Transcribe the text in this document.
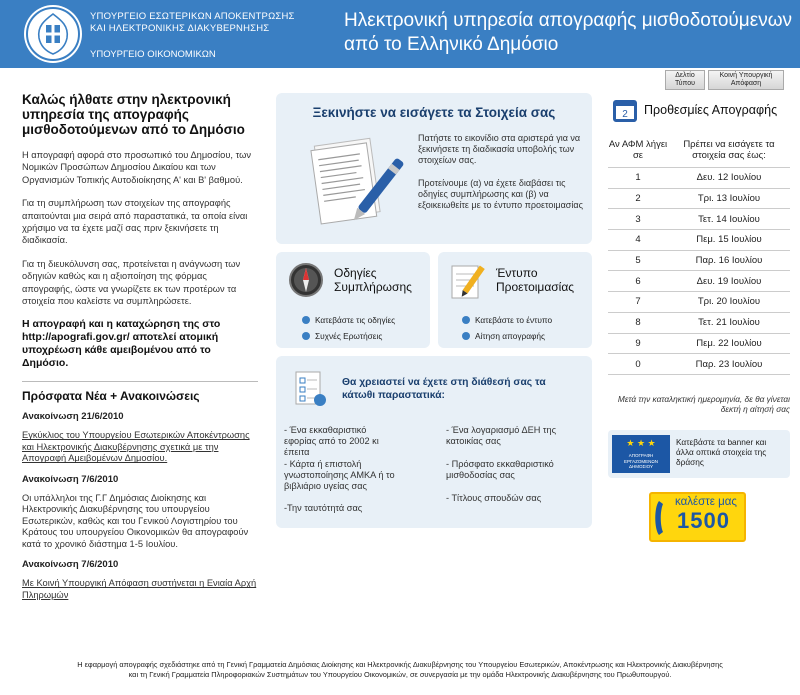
ΥΠΟΥΡΓΕΙΟ ΕΣΩΤΕΡΙΚΩΝ ΑΠΟΚΕΝΤΡΩΣΗΣ
ΚΑΙ ΗΛΕΚΤΡΟΝΙΚΗΣ ΔΙΑΚΥΒΕΡΝΗΣΗΣ
ΥΠΟΥΡΓΕΙΟ ΟΙΚΟΝΟΜΙΚΩΝ
Ηλεκτρονική υπηρεσία απογραφής μισθοδοτούμενων
από το Ελληνικό Δημόσιο
Δελτίο
Τύπου
Κοινή Υπουργική
Απόφαση
Καλώς ήλθατε στην ηλεκτρονική υπηρεσία της απογραφής μισθοδοτούμενων από το Δημόσιο

Η απογραφή αφορά στο προσωπικό του Δημοσίου, των Νομικών Προσώπων Δημοσίου Δικαίου και των Οργανισμών Τοπικής Αυτοδιοίκησης Α' και Β' βαθμού.

Για τη συμπλήρωση των στοιχείων της απογραφής απαιτούνται μια σειρά από παραστατικά, τα οποία είναι χρήσιμο να τα έχετε μαζί σας πριν ξεκινήσετε τη διαδικασία.

Για τη διευκόλυνση σας, προτείνεται η ανάγνωση των οδηγιών καθώς και η αξιοποίηση της φόρμας απογραφής, ώστε να γνωρίζετε εκ των προτέρων τα στοιχεία που καλείστε να συμπληρώσετε.

Η απογραφή και η καταχώρηση της στο http://apografi.gov.gr/ αποτελεί ατομική υποχρέωση κάθε αμειβομένου από το Δημόσιο.

Πρόσφατα Νέα + Ανακοινώσεις
Ανακοίνωση 21/6/2010
Εγκύκλιος του Υπουργείου Εσωτερικών Αποκέντρωσης και Ηλεκτρονικής Διακυβέρνησης σχετικά με την Απογραφή Αμειβομένων Δημοσίου.
Ανακοίνωση 7/6/2010
Οι υπάλληλοι της Γ.Γ Δημόσιας Διοίκησης και Ηλεκτρονικής Διακυβέρνησης του υπουργείου Εσωτερικών, καθώς και του Γενικού Λογιστηρίου του Κράτους του υπουργείου Οικονομικών θα απογραφούν κατά το χρονικό διάστημα 1-5 Ιουλίου.
Ανακοίνωση 7/6/2010
Με Κοινή Υπουργική Απόφαση συστήνεται η Ενιαία Αρχή Πληρωμών
Ξεκινήστε να εισάγετε τα Στοιχεία σας
Πατήστε το εικονίδιο στα αριστερά για να ξεκινήσετε τη διαδικασία υποβολής των στοιχείων σας.
Προτείνουμε (α) να έχετε διαβάσει τις οδηγίες συμπλήρωσης και (β) να εξοικειωθείτε με το έντυπο προετοιμασίας
Οδηγίες
Συμπλήρωσης
Κατεβάστε τις οδηγίες
Συχνές Ερωτήσεις
Έντυπο
Προετοιμασίας
Κατεβάστε το έντυπο
Αίτηση απογραφής
Θα χρειαστεί να έχετε στη διάθεσή σας τα κάτωθι παραστατικά:
- Ένα εκκαθαριστικό εφορίας από το 2002 κι έπειτα
- Κάρτα ή επιστολή γνωστοποίησης ΑΜΚΑ ή το βιβλιάριο υγείας σας
-Την ταυτότητά σας
- Ένα λογαριασμό ΔΕΗ της κατοικίας σας
- Πρόσφατο εκκαθαριστικό μισθοδοσίας σας
- Τίτλους σπουδών σας
2 Προθεσμίες Απογραφής
Αν ΑΦΜ λήγει σε	Πρέπει να εισάγετε τα στοιχεία σας έως:
1	Δευ. 12 Ιουλίου
2	Τρι. 13 Ιουλίου
3	Τετ. 14 Ιουλίου
4	Πεμ. 15 Ιουλίου
5	Παρ. 16 Ιουλίου
6	Δευ. 19 Ιουλίου
7	Τρι. 20 Ιουλίου
8	Τετ. 21 Ιουλίου
9	Πεμ. 22 Ιουλίου
0	Παρ. 23 Ιουλίου
Μετά την καταληκτική ημερομηνία, δε θα γίνεται δεκτή η αίτησή σας
★ ★ ★
ΑΠΟΓΡΑΦΗ
ΕΡΓΑΖΟΜΕΝΩΝ
ΔΗΜΟΣΙΟΥ
Κατεβάστε τα banner και άλλα οπτικά στοιχεία της δράσης
καλέστε μας
1500
Η εφαρμογή απογραφής σχεδιάστηκε από τη Γενική Γραμματεία Δημόσιας Διοίκησης και Ηλεκτρονικής Διακυβέρνησης του Υπουργείου Εσωτερικών, Αποκέντρωσης και Ηλεκτρονικής Διακυβέρνησης
και τη Γενική Γραμματεία Πληροφοριακών Συστημάτων του Υπουργείου Οικονομικών, σε συνεργασία με την ομάδα Ηλεκτρονικής Διακυβέρνησης του Πρωθυπουργού.
